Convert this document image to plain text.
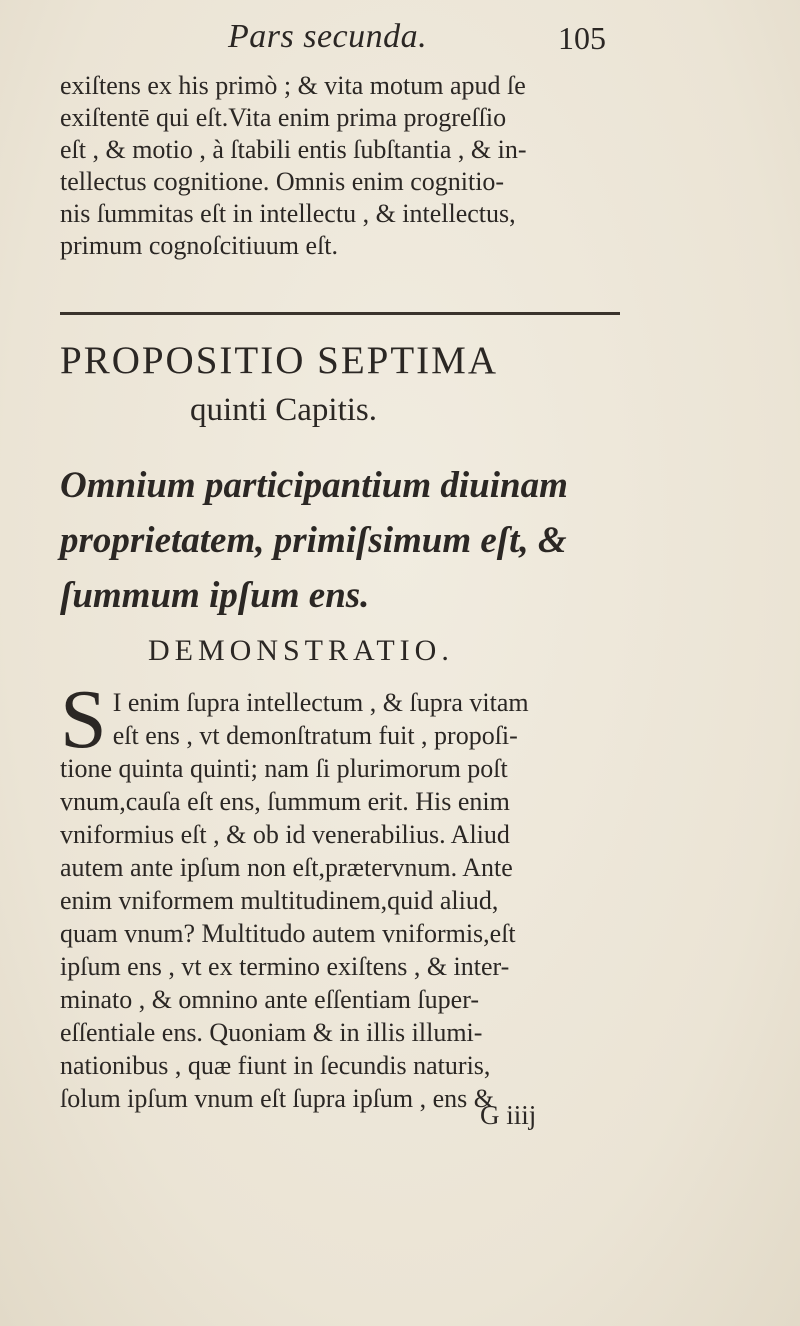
Pars secunda.	105
exiſtens ex his primò ; & vita motum apud ſe
exiſtentē qui eſt.Vita enim prima progreſſio
eſt , & motio , à ſtabili entis ſubſtantia , & in-
tellectus cognitione. Omnis enim cognitio-
nis ſummitas eſt in intellectu , & intellectus,
primum cognoſcitiuum eſt.
PROPOSITIO SEPTIMA
quinti Capitis.
Omnium participantium diuinam
proprietatem, primiſsimum eſt, &
ſummum ipſum ens.
DEMONSTRATIO.
S I enim ſupra intellectum , & ſupra vitam
eſt ens , vt demonſtratum fuit , propoſi-
tione quinta quinti; nam ſi plurimorum poſt
vnum,cauſa eſt ens, ſummum erit. His enim
vniformius eſt , & ob id venerabilius. Aliud
autem ante ipſum non eſt,prætervnum. Ante
enim vniformem multitudinem,quid aliud,
quam vnum? Multitudo autem vniformis,eſt
ipſum ens , vt ex termino exiſtens , & inter-
minato , & omnino ante eſſentiam ſuper-
eſſentiale ens. Quoniam & in illis illumi-
nationibus , quæ fiunt in ſecundis naturis,
ſolum ipſum vnum eſt ſupra ipſum , ens &
G iiij
